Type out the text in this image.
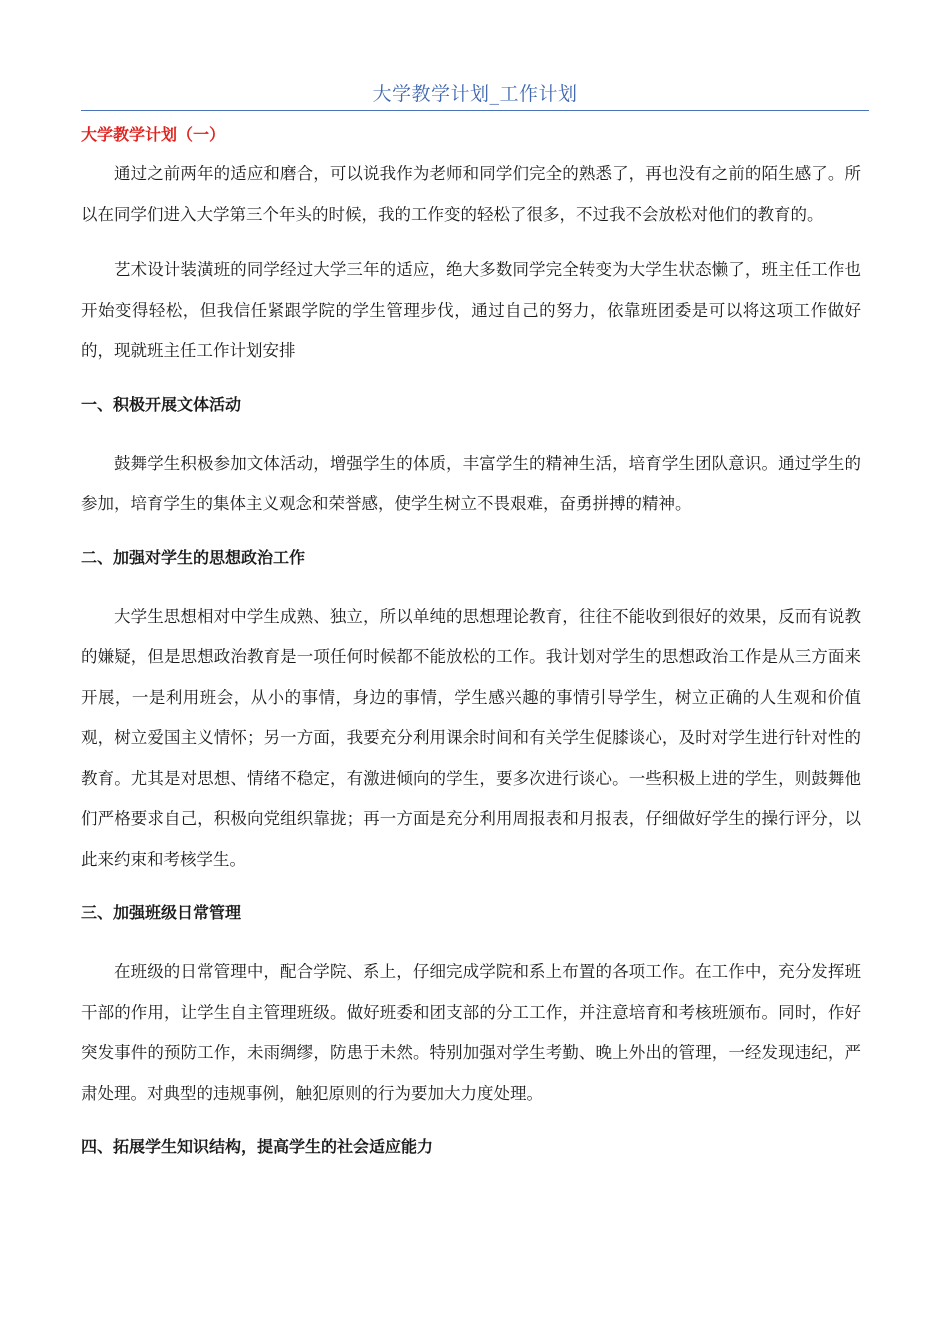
大学教学计划_工作计划
大学教学计划（一）

通过之前两年的适应和磨合，可以说我作为老师和同学们完全的熟悉了，再也没有之前的陌生感了。所以在同学们进入大学第三个年头的时候，我的工作变的轻松了很多，不过我不会放松对他们的教育的。

艺术设计装潢班的同学经过大学三年的适应，绝大多数同学完全转变为大学生状态懒了，班主任工作也开始变得轻松，但我信任紧跟学院的学生管理步伐，通过自己的努力，依靠班团委是可以将这项工作做好的，现就班主任工作计划安排

一、积极开展文体活动

鼓舞学生积极参加文体活动，增强学生的体质，丰富学生的精神生活，培育学生团队意识。通过学生的参加，培育学生的集体主义观念和荣誉感，使学生树立不畏艰难，奋勇拼搏的精神。

二、加强对学生的思想政治工作

大学生思想相对中学生成熟、独立，所以单纯的思想理论教育，往往不能收到很好的效果，反而有说教的嫌疑，但是思想政治教育是一项任何时候都不能放松的工作。我计划对学生的思想政治工作是从三方面来开展，一是利用班会，从小的事情，身边的事情，学生感兴趣的事情引导学生，树立正确的人生观和价值观，树立爱国主义情怀；另一方面，我要充分利用课余时间和有关学生促膝谈心，及时对学生进行针对性的教育。尤其是对思想、情绪不稳定，有激进倾向的学生，要多次进行谈心。一些积极上进的学生，则鼓舞他们严格要求自己，积极向党组织靠拢；再一方面是充分利用周报表和月报表，仔细做好学生的操行评分，以此来约束和考核学生。

三、加强班级日常管理

在班级的日常管理中，配合学院、系上，仔细完成学院和系上布置的各项工作。在工作中，充分发挥班干部的作用，让学生自主管理班级。做好班委和团支部的分工工作，并注意培育和考核班颁布。同时，作好突发事件的预防工作，未雨绸缪，防患于未然。特别加强对学生考勤、晚上外出的管理，一经发现违纪，严肃处理。对典型的违规事例，触犯原则的行为要加大力度处理。

四、拓展学生知识结构，提高学生的社会适应能力
